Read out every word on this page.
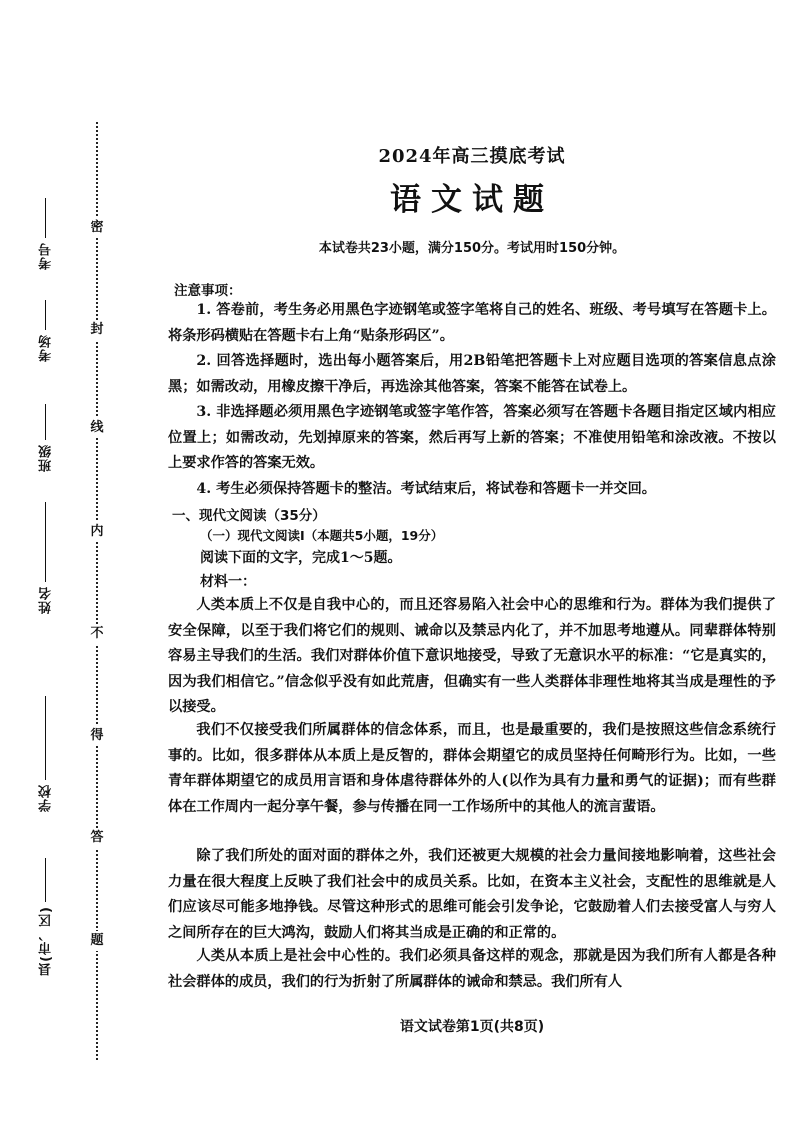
密
封
线
内
不
得
答
题
考号
考场
班级
姓名
学校
县(市、区)
2024年高三摸底考试
语文试题
本试卷共23小题，满分150分。考试用时150分钟。
注意事项：
1. 答卷前，考生务必用黑色字迹钢笔或签字笔将自己的姓名、班级、考号填写在答题卡上。将条形码横贴在答题卡右上角“贴条形码区”。
2. 回答选择题时，选出每小题答案后，用2B铅笔把答题卡上对应题目选项的答案信息点涂黑；如需改动，用橡皮擦干净后，再选涂其他答案，答案不能答在试卷上。
3. 非选择题必须用黑色字迹钢笔或签字笔作答，答案必须写在答题卡各题目指定区域内相应位置上；如需改动，先划掉原来的答案，然后再写上新的答案；不准使用铅笔和涂改液。不按以上要求作答的答案无效。
4. 考生必须保持答题卡的整洁。考试结束后，将试卷和答题卡一并交回。
一、现代文阅读（35分）
（一）现代文阅读Ⅰ（本题共5小题，19分）
阅读下面的文字，完成1～5题。
材料一：
人类本质上不仅是自我中心的，而且还容易陷入社会中心的思维和行为。群体为我们提供了安全保障，以至于我们将它们的规则、诫命以及禁忌内化了，并不加思考地遵从。同辈群体特别容易主导我们的生活。我们对群体价值下意识地接受，导致了无意识水平的标准：“它是真实的，因为我们相信它。”信念似乎没有如此荒唐，但确实有一些人类群体非理性地将其当成是理性的予以接受。
我们不仅接受我们所属群体的信念体系，而且，也是最重要的，我们是按照这些信念系统行事的。比如，很多群体从本质上是反智的，群体会期望它的成员坚持任何畸形行为。比如，一些青年群体期望它的成员用言语和身体虐待群体外的人(以作为具有力量和勇气的证据)；而有些群体在工作周内一起分享午餐，参与传播在同一工作场所中的其他人的流言蜚语。
除了我们所处的面对面的群体之外，我们还被更大规模的社会力量间接地影响着，这些社会力量在很大程度上反映了我们社会中的成员关系。比如，在资本主义社会，支配性的思维就是人们应该尽可能多地挣钱。尽管这种形式的思维可能会引发争论，它鼓励着人们去接受富人与穷人之间所存在的巨大鸿沟，鼓励人们将其当成是正确的和正常的。
人类从本质上是社会中心性的。我们必须具备这样的观念，那就是因为我们所有人都是各种社会群体的成员，我们的行为折射了所属群体的诫命和禁忌。我们所有人
语文试卷第1页(共8页)
